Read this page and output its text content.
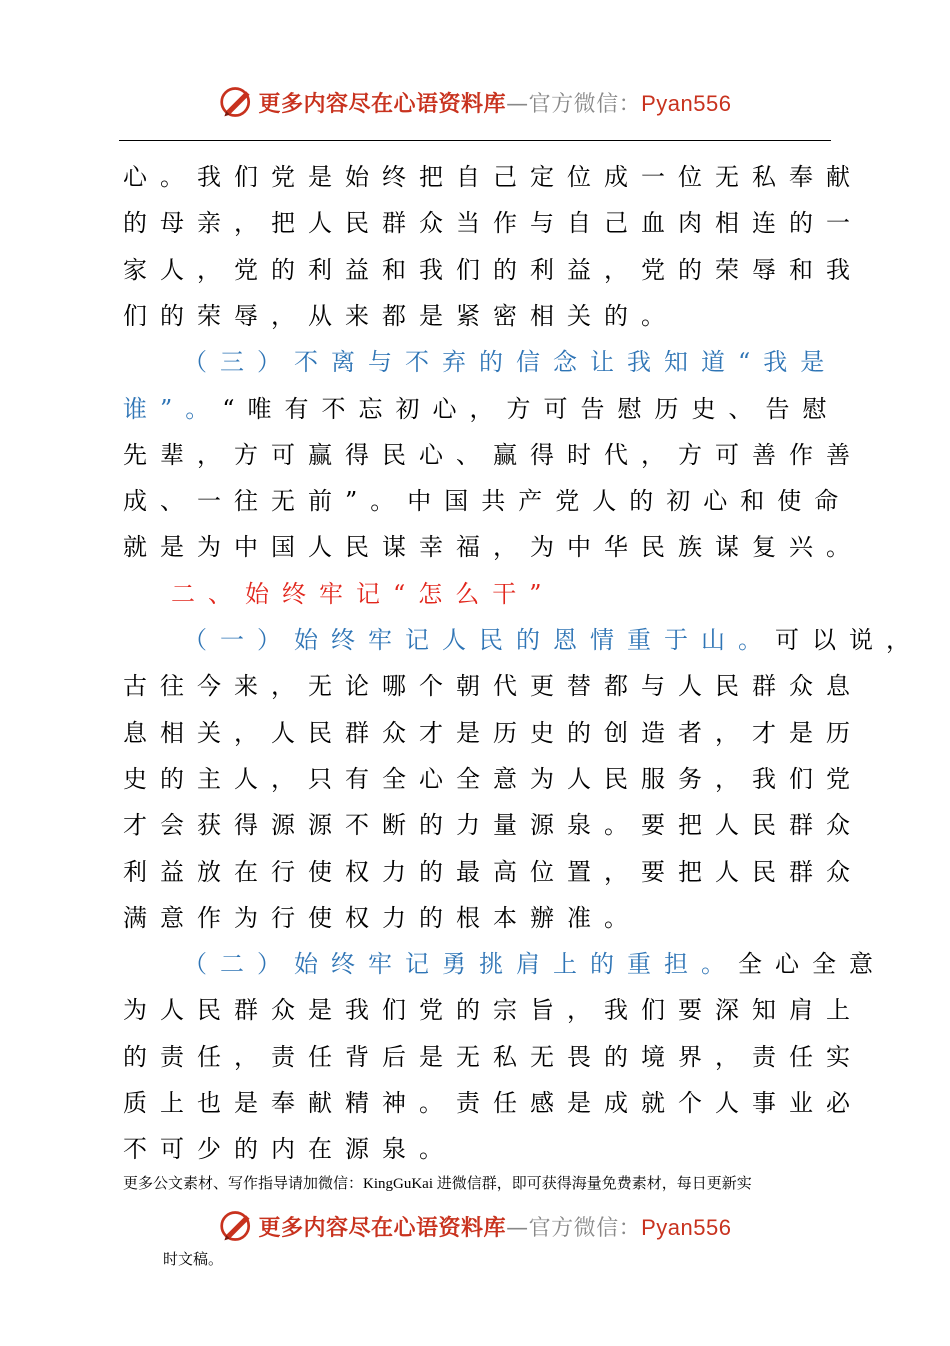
更多内容尽在心语资料库—官方微信：Pyan556
心。我们党是始终把自己定位成一位无私奉献
的母亲，把人民群众当作与自己血肉相连的一
家人，党的利益和我们的利益，党的荣辱和我
们的荣辱，从来都是紧密相关的。
（三）不离与不弃的信念让我知道“我是
谁”。“唯有不忘初心，方可告慰历史、告慰
先辈，方可赢得民心、赢得时代，方可善作善
成、一往无前”。中国共产党人的初心和使命
就是为中国人民谋幸福，为中华民族谋复兴。
二、始终牢记“怎么干”
（一）始终牢记人民的恩情重于山。可以说，
古往今来，无论哪个朝代更替都与人民群众息
息相关，人民群众才是历史的创造者，才是历
史的主人，只有全心全意为人民服务，我们党
才会获得源源不断的力量源泉。要把人民群众
利益放在行使权力的最高位置，要把人民群众
满意作为行使权力的根本辦准。
（二）始终牢记勇挑肩上的重担。全心全意
为人民群众是我们党的宗旨，我们要深知肩上
的责任，责任背后是无私无畏的境界，责任实
质上也是奉献精神。责任感是成就个人事业必
不可少的内在源泉。
更多公文素材、写作指导请加微信：KingGuKai 进微信群，即可获得海量免费素材，每日更新实
更多内容尽在心语资料库—官方微信：Pyan556
时文稿。
